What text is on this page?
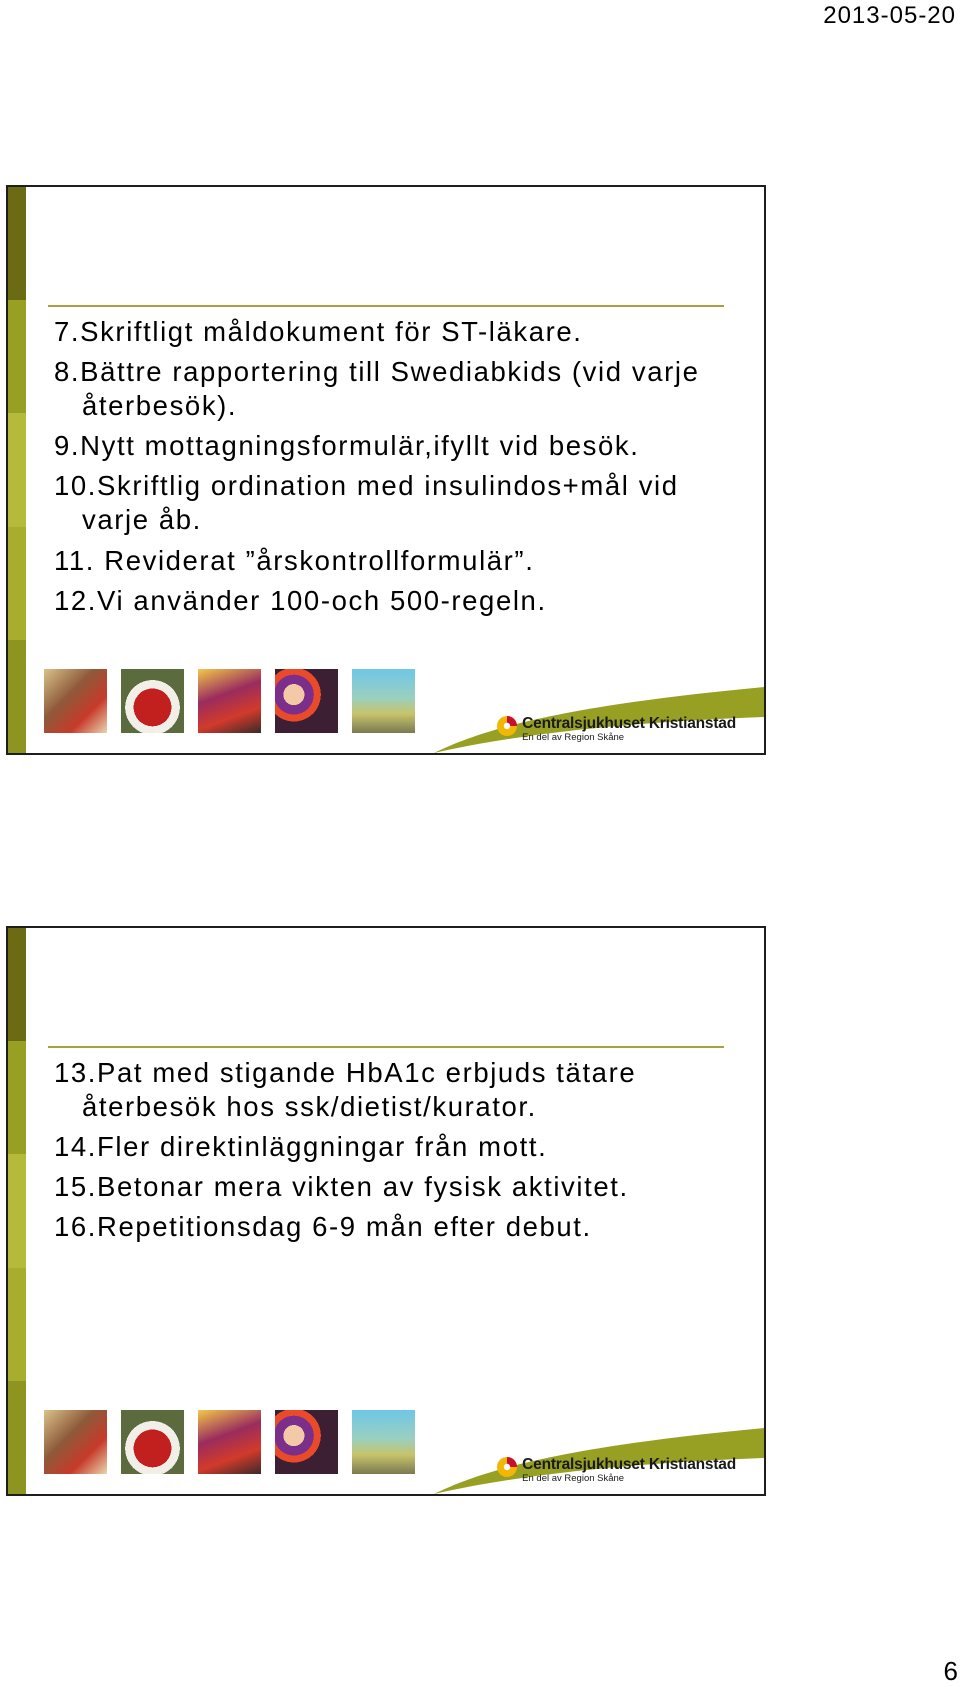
2013-05-20
7.Skriftligt måldokument för ST-läkare.
8.Bättre rapportering till Swediabkids (vid varje återbesök).
9.Nytt mottagningsformulär,ifyllt vid besök.
10.Skriftlig ordination med insulindos+mål vid varje åb.
11. Reviderat ”årskontrollformulär”.
12.Vi använder 100-och 500-regeln.
Centralsjukhuset Kristianstad
En del av Region Skåne
13.Pat med stigande HbA1c erbjuds tätare återbesök hos ssk/dietist/kurator.
14.Fler direktinläggningar från mott.
15.Betonar mera vikten av fysisk aktivitet.
16.Repetitionsdag 6-9 mån efter debut.
Centralsjukhuset Kristianstad
En del av Region Skåne
6
